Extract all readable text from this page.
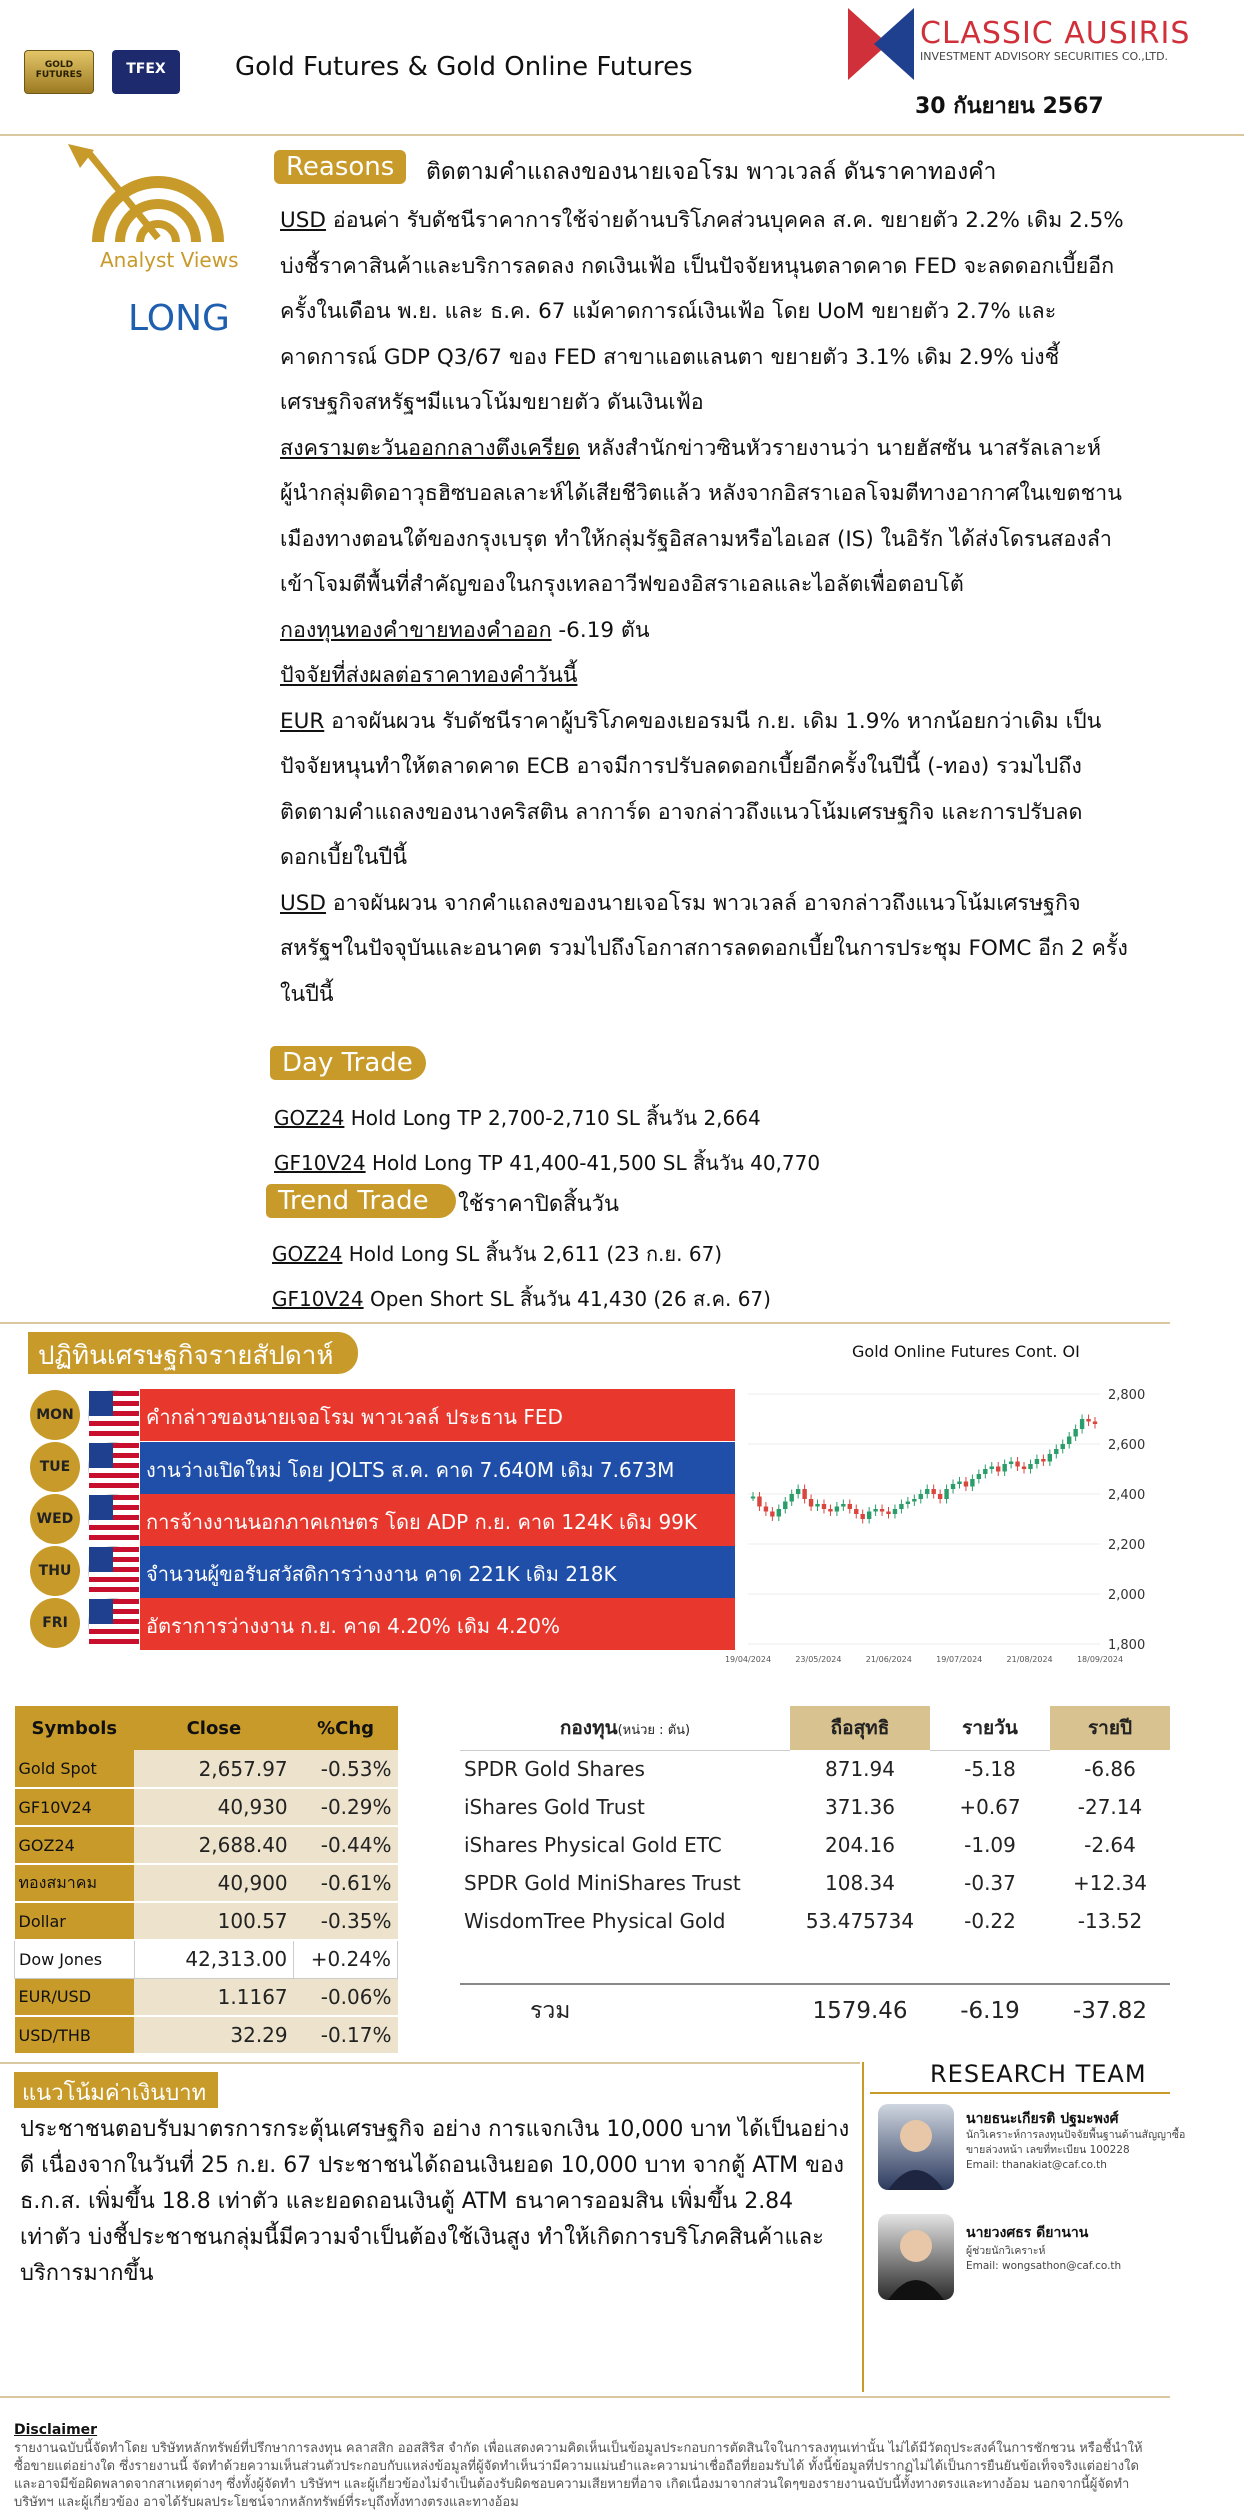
GOLD FUTURES	TFEX	Gold Futures & Gold Online Futures
CLASSIC AUSIRIS
INVESTMENT ADVISORY SECURITIES CO.,LTD.
30 กันยายน 2567
Analyst Views
LONG
Reasons	ติดตามคำแถลงของนายเจอโรม พาวเวลล์ ดันราคาทองคำ
USD อ่อนค่า รับดัชนีราคาการใช้จ่ายด้านบริโภคส่วนบุคคล ส.ค. ขยายตัว 2.2% เดิม 2.5%
บ่งชี้ราคาสินค้าและบริการลดลง กดเงินเฟ้อ เป็นปัจจัยหนุนตลาดคาด FED จะลดดอกเบี้ยอีก
ครั้งในเดือน พ.ย. และ ธ.ค. 67 แม้คาดการณ์เงินเฟ้อ โดย UoM ขยายตัว 2.7% และ
คาดการณ์ GDP Q3/67 ของ FED สาขาแอตแลนตา ขยายตัว 3.1% เดิม 2.9% บ่งชี้
เศรษฐกิจสหรัฐฯมีแนวโน้มขยายตัว ดันเงินเฟ้อ
สงครามตะวันออกกลางตึงเครียด หลังสำนักข่าวซินหัวรายงานว่า นายฮัสซัน นาสรัลเลาะห์
ผู้นำกลุ่มติดอาวุธฮิซบอลเลาะห์ได้เสียชีวิตแล้ว หลังจากอิสราเอลโจมตีทางอากาศในเขตชาน
เมืองทางตอนใต้ของกรุงเบรุต ทำให้กลุ่มรัฐอิสลามหรือไอเอส (IS) ในอิรัก ได้ส่งโดรนสองลำ
เข้าโจมตีพื้นที่สำคัญของในกรุงเทลอาวีฟของอิสราเอลและไอลัตเพื่อตอบโต้
กองทุนทองคำขายทองคำออก -6.19 ตัน
ปัจจัยที่ส่งผลต่อราคาทองคำวันนี้
EUR อาจผันผวน รับดัชนีราคาผู้บริโภคของเยอรมนี ก.ย. เดิม 1.9% หากน้อยกว่าเดิม เป็น
ปัจจัยหนุนทำให้ตลาดคาด ECB อาจมีการปรับลดดอกเบี้ยอีกครั้งในปีนี้ (-ทอง) รวมไปถึง
ติดตามคำแถลงของนางคริสติน ลาการ์ด อาจกล่าวถึงแนวโน้มเศรษฐกิจ และการปรับลด
ดอกเบี้ยในปีนี้
USD อาจผันผวน จากคำแถลงของนายเจอโรม พาวเวลล์ อาจกล่าวถึงแนวโน้มเศรษฐกิจ
สหรัฐฯในปัจจุบันและอนาคต รวมไปถึงโอกาสการลดดอกเบี้ยในการประชุม FOMC อีก 2 ครั้ง
ในปีนี้
Day Trade
GOZ24 Hold Long TP 2,700-2,710 SL สิ้นวัน 2,664
GF10V24 Hold Long TP 41,400-41,500 SL สิ้นวัน 40,770
Trend Trade	ใช้ราคาปิดสิ้นวัน
GOZ24 Hold Long SL สิ้นวัน 2,611 (23 ก.ย. 67)
GF10V24 Open Short SL สิ้นวัน 41,430 (26 ส.ค. 67)
ปฏิทินเศรษฐกิจรายสัปดาห์
MON	คำกล่าวของนายเจอโรม พาวเวลล์ ประธาน FED
TUE	งานว่างเปิดใหม่ โดย JOLTS ส.ค. คาด 7.640M เดิม 7.673M
WED	การจ้างงานนอกภาคเกษตร โดย ADP ก.ย. คาด 124K เดิม 99K
THU	จำนวนผู้ขอรับสวัสดิการว่างงาน คาด 221K เดิม 218K
FRI	อัตราการว่างงาน ก.ย. คาด 4.20% เดิม 4.20%
Gold Online Futures Cont. OI
1,800
2,000
2,200
2,400
2,600
2,800
19/04/2024	23/05/2024	21/06/2024	19/07/2024	21/08/2024	18/09/2024
Symbols	Close	%Chg
Gold Spot	2,657.97	-0.53%
GF10V24	40,930	-0.29%
GOZ24	2,688.40	-0.44%
ทองสมาคม	40,900	-0.61%
Dollar	100.57	-0.35%
Dow Jones	42,313.00	+0.24%
EUR/USD	1.1167	-0.06%
USD/THB	32.29	-0.17%
กองทุน(หน่วย : ตัน)	ถือสุทธิ	รายวัน	รายปี
SPDR Gold Shares	871.94	-5.18	-6.86
iShares Gold Trust	371.36	+0.67	-27.14
iShares Physical Gold ETC	204.16	-1.09	-2.64
SPDR Gold MiniShares Trust	108.34	-0.37	+12.34
WisdomTree Physical Gold	53.475734	-0.22	-13.52

รวม	1579.46	-6.19	-37.82
แนวโน้มค่าเงินบาท
ประชาชนตอบรับมาตรการกระตุ้นเศรษฐกิจ อย่าง การแจกเงิน 10,000 บาท ได้เป็นอย่าง
ดี เนื่องจากในวันที่ 25 ก.ย. 67 ประชาชนได้ถอนเงินยอด 10,000 บาท จากตู้ ATM ของ
ธ.ก.ส. เพิ่มขึ้น 18.8 เท่าตัว และยอดถอนเงินตู้ ATM ธนาคารออมสิน เพิ่มขึ้น 2.84
เท่าตัว บ่งชี้ประชาชนกลุ่มนี้มีความจำเป็นต้องใช้เงินสูง ทำให้เกิดการบริโภคสินค้าและ
บริการมากขึ้น
RESEARCH TEAM
นายธนะเกียรติ ปฐมะพงศ์
นักวิเคราะห์การลงทุนปัจจัยพื้นฐานด้านสัญญาซื้อ
ขายล่วงหน้า เลขที่ทะเบียน 100228
Email: thanakiat@caf.co.th
นายวงศธร ดียานาน
ผู้ช่วยนักวิเคราะห์
Email: wongsathon@caf.co.th
Disclaimer
รายงานฉบับนี้จัดทำโดย บริษัทหลักทรัพย์ที่ปรึกษาการลงทุน คลาสสิก ออสสิริส จำกัด เพื่อแสดงความคิดเห็นเป็นข้อมูลประกอบการตัดสินใจในการลงทุนเท่านั้น ไม่ได้มีวัตถุประสงค์ในการชักชวน หรือชี้นำให้
ซื้อขายแต่อย่างใด ซึ่งรายงานนี้ จัดทำด้วยความเห็นส่วนตัวประกอบกับแหล่งข้อมูลที่ผู้จัดทำเห็นว่ามีความแม่นยำและความน่าเชื่อถือที่ยอมรับได้ ทั้งนี้ข้อมูลที่ปรากฏไม่ได้เป็นการยืนยันข้อเท็จจริงแต่อย่างใด
และอาจมีข้อผิดพลาดจากสาเหตุต่างๆ ซึ่งทั้งผู้จัดทำ บริษัทฯ และผู้เกี่ยวข้องไม่จำเป็นต้องรับผิดชอบความเสียหายที่อาจ เกิดเนื่องมาจากส่วนใดๆของรายงานฉบับนี้ทั้งทางตรงและทางอ้อม นอกจากนี้ผู้จัดทำ
บริษัทฯ และผู้เกี่ยวข้อง อาจได้รับผลประโยชน์จากหลักทรัพย์ที่ระบุถึงทั้งทางตรงและทางอ้อม
